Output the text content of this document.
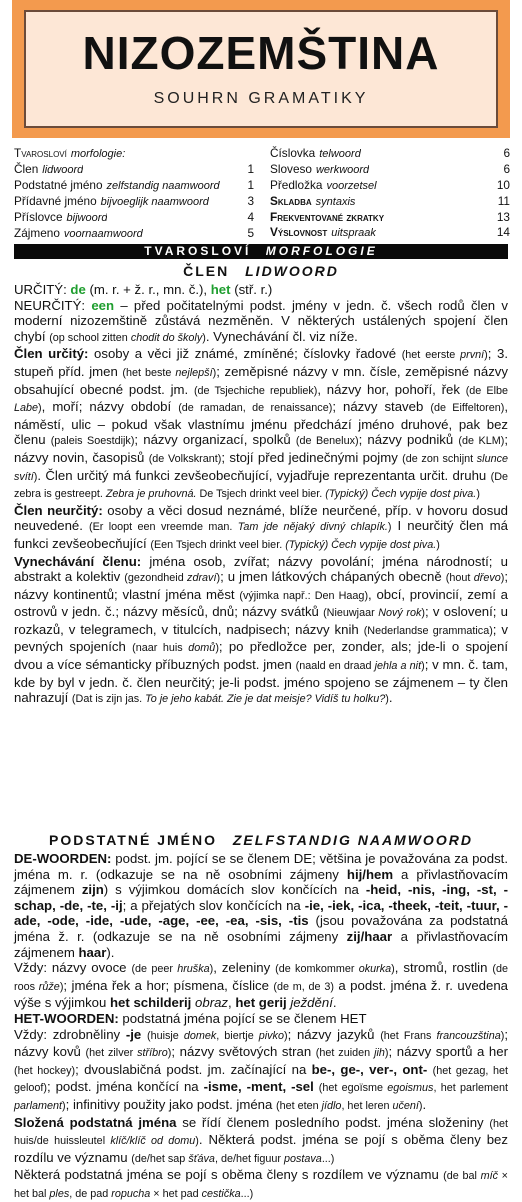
NIZOZEMŠTINA
SOUHRN GRAMATIKY
Tvarosloví morfologie:
Člen lidwoord	1
Podstatné jméno zelfstandig naamwoord 1
Přídavné jméno bijvoeglijk naamwoord	3
Příslovce bijwoord	4
Zájmeno voornaamwoord	5
Číslovka telwoord	6
Sloveso werkwoord	6
Předložka voorzetsel	10
Skladba syntaxis	11
Frekventované zkratky	13
Výslovnost uitspraak	14
TVAROSLOVÍ MORFOLOGIE
ČLEN LIDWOORD

URČITÝ: de (m. r. + ž. r., mn. č.), het (stř. r.)

NEURČITÝ: een – před počitatelnými podst. jmény v jedn. č. všech rodů člen v moderní nizozemštině zůstává nezměněn. V některých ustálených spojení člen chybí (op school zitten chodit do školy). Vynechávání čl. viz níže.

Člen určitý: osoby a věci již známé, zmíněné; číslovky řadové (het eerste první); 3. stupeň příd. jmen (het beste nejlepší); zeměpisné názvy v mn. čísle, zeměpisné názvy obsahující obecné podst. jm. (de Tsjechiche republiek), názvy hor, pohoří, řek (de Elbe Labe), moří; názvy období (de ramadan, de renaissance); názvy staveb (de Eiffeltoren), náměstí, ulic – pokud však vlastnímu jménu předchází jméno druhové, pak bez členu (paleis Soestdijk); názvy organizací, spolků (de Benelux); názvy podniků (de KLM); názvy novin, časopisů (de Volkskrant); stojí před jedinečnými pojmy (de zon schijnt slunce svítí). Člen určitý má funkci zevšeobecňující, vyjadřuje reprezentanta určit. druhu (De zebra is gestreept. Zebra je pruhovná. De Tsjech drinkt veel bier. (Typický) Čech vypije dost piva.)

Člen neurčitý: osoby a věci dosud neznámé, blíže neurčené, příp. v hovoru dosud neuvedené. (Er loopt een vreemde man. Tam jde nějaký divný chlapík.) I neurčitý člen má funkci zevšeobecňující (Een Tsjech drinkt veel bier. (Typický) Čech vypije dost piva.)

Vynechávání členu: jména osob, zvířat; názvy povolání; jména národností; u abstrakt a kolektiv (gezondheid zdraví); u jmen látkových chápaných obecně (hout dřevo); názvy kontinentů; vlastní jména měst (výjimka např.: Den Haag), obcí, provincií, zemí a ostrovů v jedn. č.; názvy měsíců, dnů; názvy svátků (Nieuwjaar Nový rok); v oslovení; u rozkazů, v telegramech, v titulcích, nadpisech; názvy knih (Nederlandse grammatica); v pevných spojeních (naar huis domů); po předložce per, zonder, als; jde-li o spojení dvou a více sémanticky příbuzných podst. jmen (naald en draad jehla a nit); v mn. č. tam, kde by byl v jedn. č. člen neurčitý; je-li podst. jméno spojeno se zájmenem – ty člen nahrazují (Dat is zijn jas. To je jeho kabát. Zie je dat meisje? Vidíš tu holku?).

PODSTATNÉ JMÉNO ZELFSTANDIG NAAMWOORD

DE-WOORDEN: podst. jm. pojící se se členem DE; většina je považována za podst. jména m. r. (odkazuje se na ně osobními zájmeny hij/hem a přivlastňovacím zájmenem zijn) s výjimkou domácích slov končících na -heid, -nis, -ing, -st, -schap, -de, -te, -ij; a přejatých slov končících na -ie, -iek, -ica, -theek, -teit, -tuur, -ade, -ode, -ide, -ude, -age, -ee, -ea, -sis, -tis (jsou považována za podstatná jména ž. r. (odkazuje se na ně osobními zájmeny zij/haar a přivlastňovacím zájmenem haar).

Vždy: názvy ovoce (de peer hruška), zeleniny (de komkommer okurka), stromů, rostlin (de roos růže); jména řek a hor; písmena, číslice (de m, de 3) a podst. jména ž. r. uvedena výše s výjimkou het schilderij obraz, het gerij ježdění.

HET-WOORDEN: podstatná jména pojící se se členem HET

Vždy: zdrobněliny -je (huisje domek, biertje pivko); názvy jazyků (het Frans francouzština); názvy kovů (het zilver stříbro); názvy světových stran (het zuiden jih); názvy sportů a her (het hockey); dvouslabičná podst. jm. začínající na be-, ge-, ver-, ont- (het gezag, het geloof); podst. jména končící na -isme, -ment, -sel (het egoïsme egoismus, het parlement parlament); infinitivy použity jako podst. jména (het eten jídlo, het leren učení).

Složená podstatná jména se řídí členem posledního podst. jména složeniny (het huis/de huissleutel klíč/klíč od domu). Některá podst. jména se pojí s oběma členy bez rozdílu ve významu (de/het sap šťáva, de/het figuur postava...)

Některá podstatná jména se pojí s oběma členy s rozdílem ve významu (de bal míč × het bal ples, de pad ropucha × het pad cestička...)
